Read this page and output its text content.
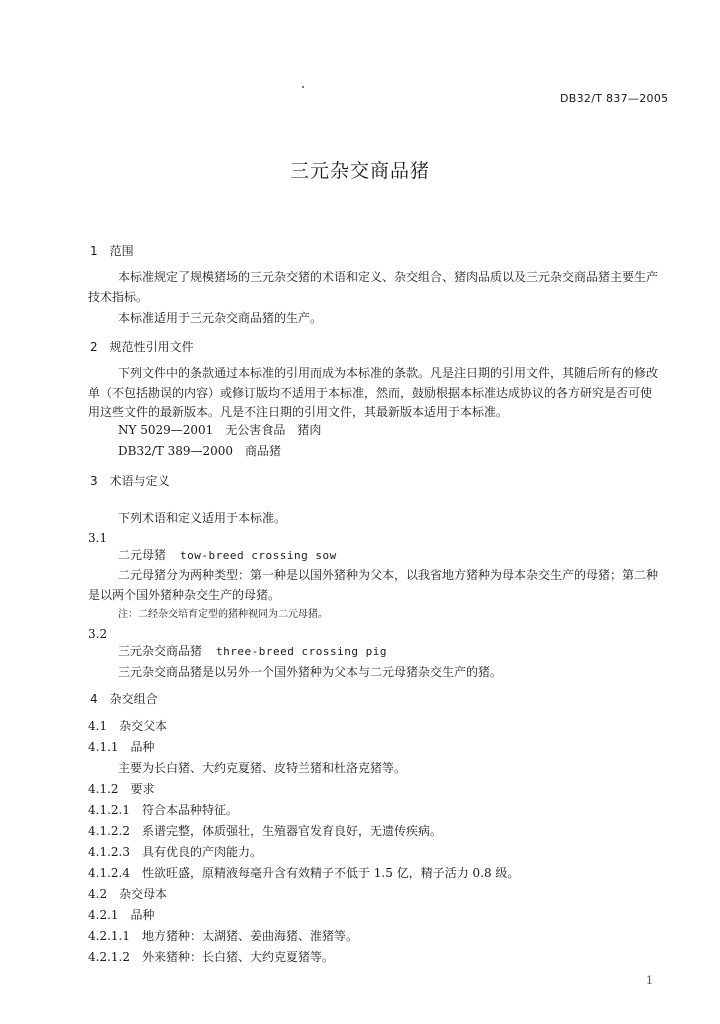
DB32/T 837—2005
三元杂交商品猪
1　范围
本标准规定了规模猪场的三元杂交猪的术语和定义、杂交组合、猪肉品质以及三元杂交商品猪主要生产技术指标。
本标准适用于三元杂交商品猪的生产。
2　规范性引用文件
下列文件中的条款通过本标准的引用而成为本标准的条款。凡是注日期的引用文件，其随后所有的修改单（不包括勘误的内容）或修订版均不适用于本标准，然而，鼓励根据本标准达成协议的各方研究是否可使用这些文件的最新版本。凡是不注日期的引用文件，其最新版本适用于本标准。
NY 5029—2001　无公害食品　猪肉
DB32/T 389—2000　商品猪
3　术语与定义
下列术语和定义适用于本标准。
3.1
二元母猪 tow-breed crossing sow
二元母猪分为两种类型：第一种是以国外猪种为父本，以我省地方猪种为母本杂交生产的母猪；第二种是以两个国外猪种杂交生产的母猪。
注：二经杂交培育定型的猪种视同为二元母猪。
3.2
三元杂交商品猪 three-breed crossing pig
三元杂交商品猪是以另外一个国外猪种为父本与二元母猪杂交生产的猪。
4　杂交组合
4.1　杂交父本
4.1.1　品种
主要为长白猪、大约克夏猪、皮特兰猪和杜洛克猪等。
4.1.2　要求
4.1.2.1　符合本品种特征。
4.1.2.2　系谱完整，体质强壮，生殖器官发育良好，无遗传疾病。
4.1.2.3　具有优良的产肉能力。
4.1.2.4　性欲旺盛，原精液每毫升含有效精子不低于 1.5 亿，精子活力 0.8 级。
4.2　杂交母本
4.2.1　品种
4.2.1.1　地方猪种：太湖猪、姜曲海猪、淮猪等。
4.2.1.2　外来猪种：长白猪、大约克夏猪等。
1
